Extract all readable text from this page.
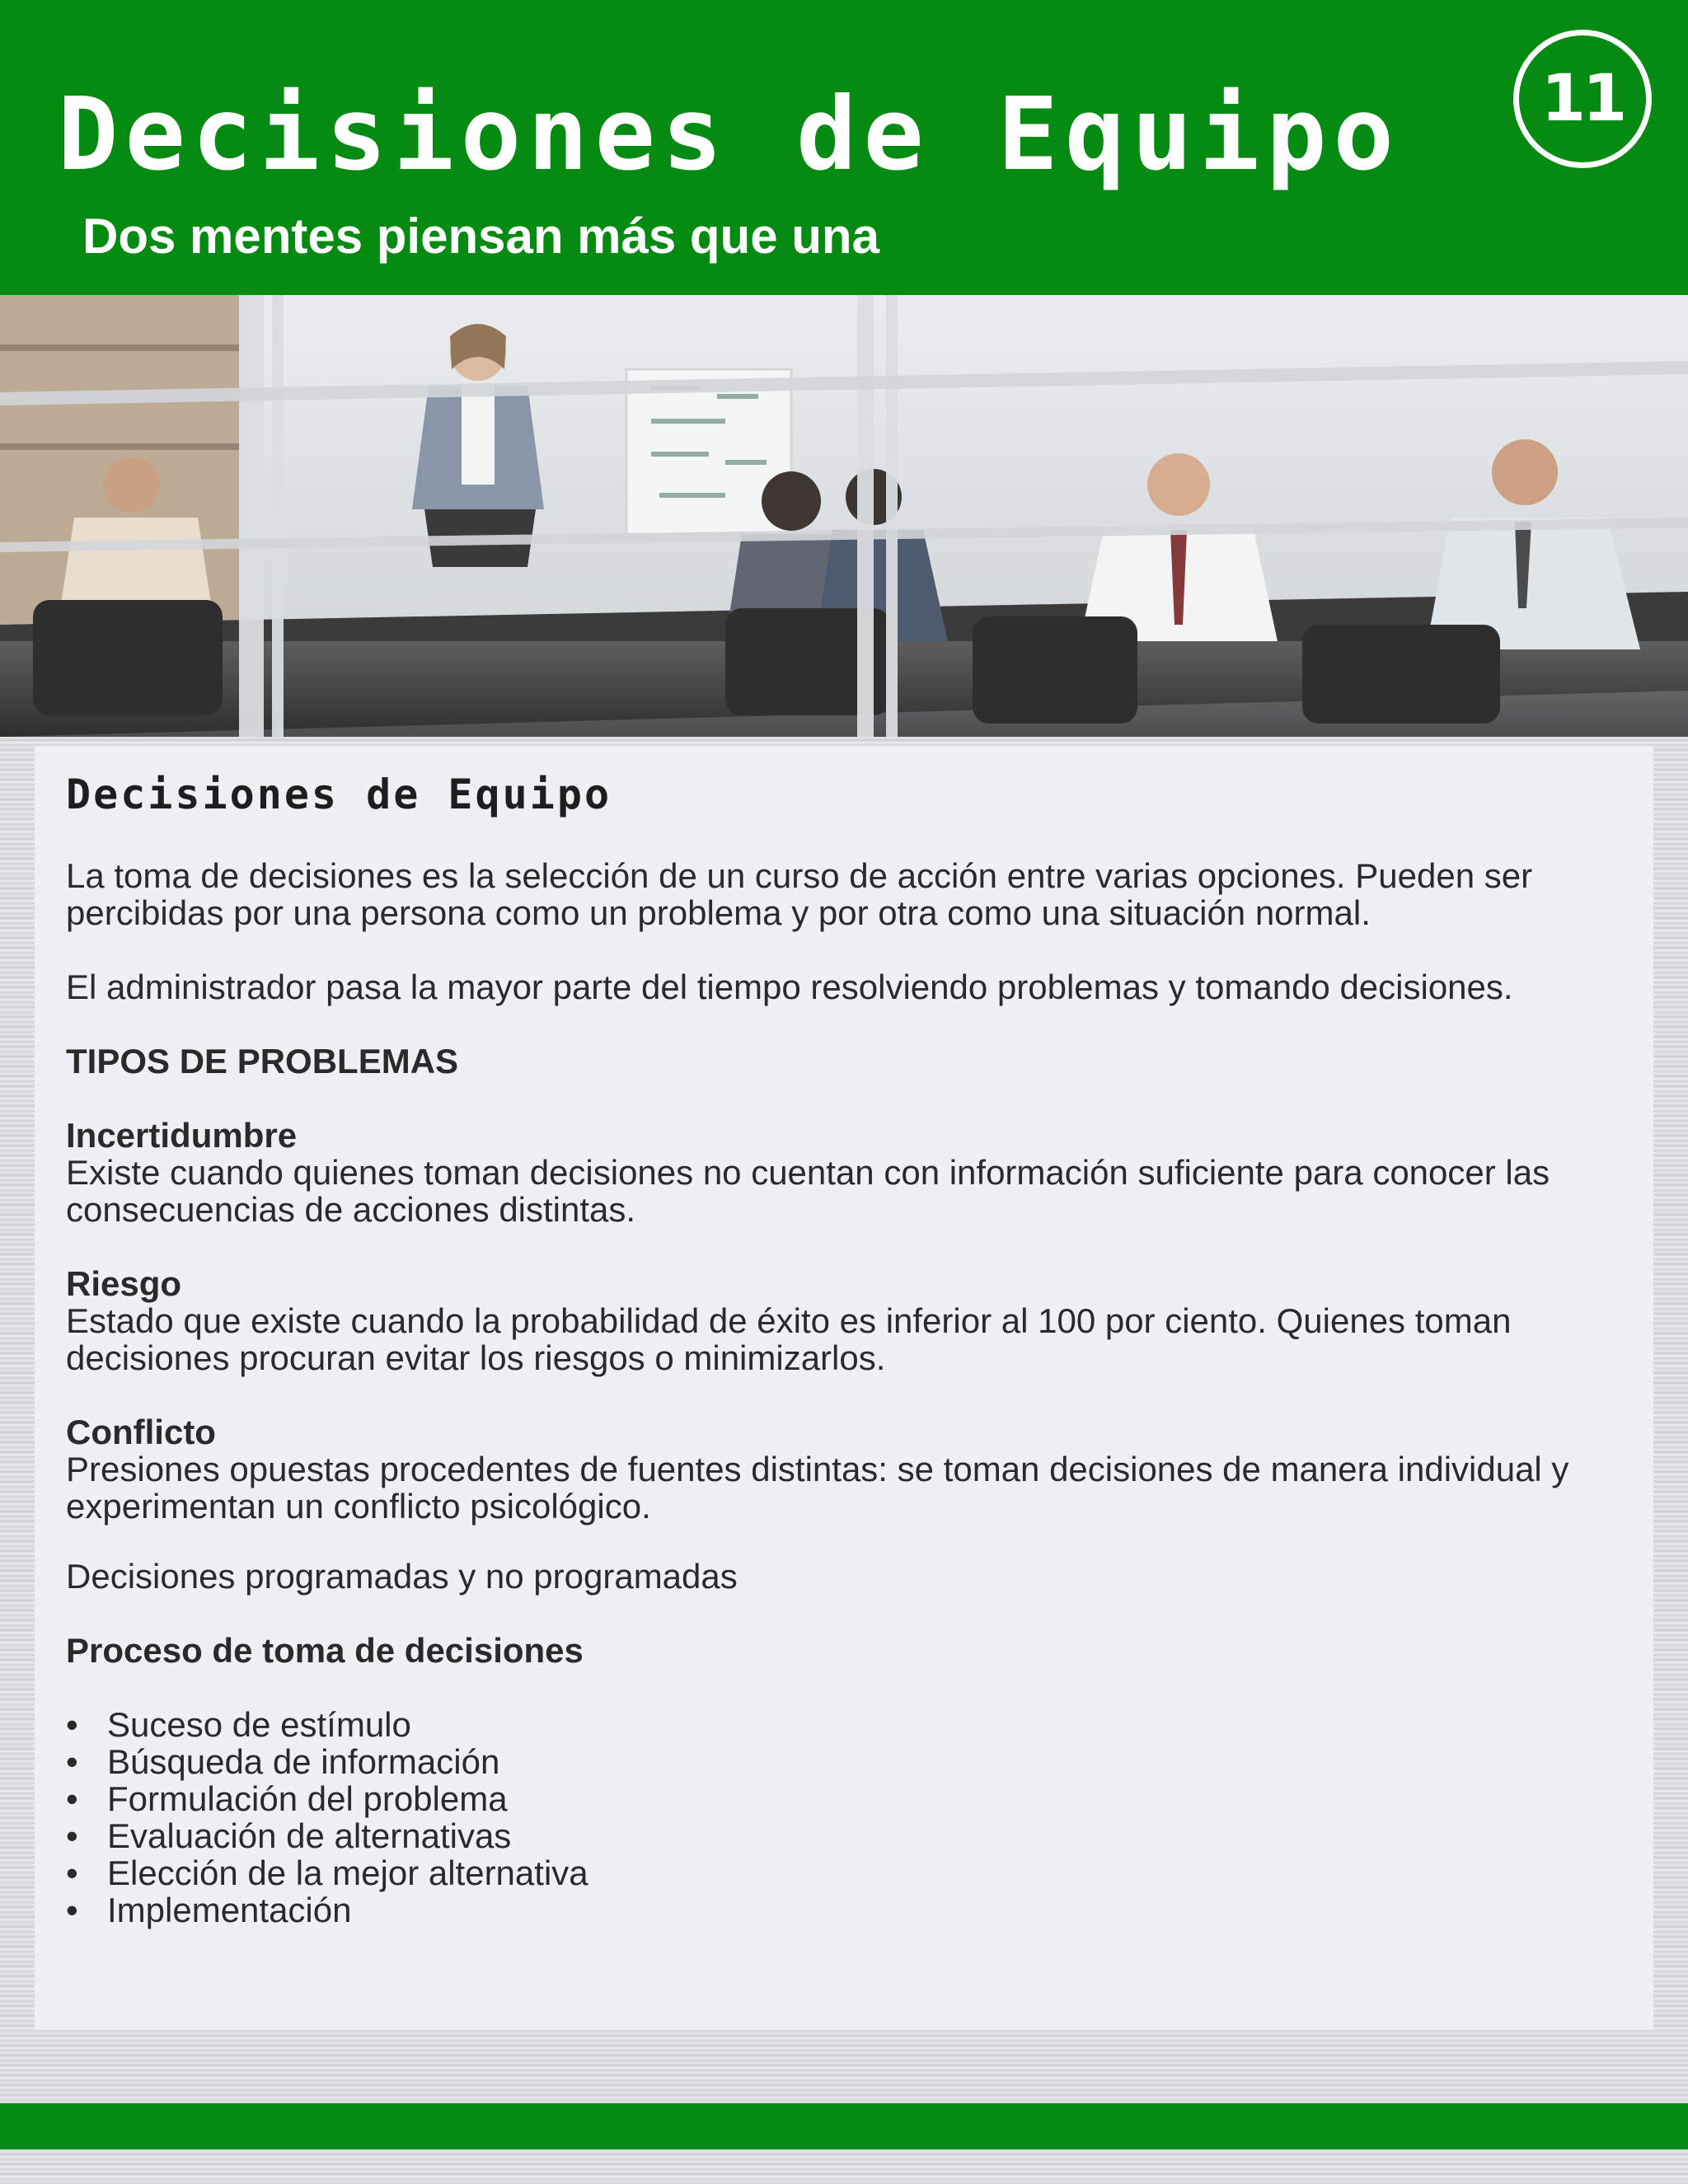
Decisiones de Equipo
Dos mentes piensan más que una
11
Decisiones de Equipo

La toma de decisiones es la selección de un curso de acción entre varias opciones. Pueden ser percibidas por una persona como un problema y por otra como una situación normal.

El administrador pasa la mayor parte del tiempo resolviendo problemas y tomando decisiones.

TIPOS DE PROBLEMAS

Incertidumbre

Existe cuando quienes toman decisiones no cuentan con información suficiente para conocer las consecuencias de acciones distintas.

Riesgo

Estado que existe cuando la probabilidad de éxito es inferior al 100 por ciento. Quienes toman decisiones procuran evitar los riesgos o minimizarlos.

Conflicto

Presiones opuestas procedentes de fuentes distintas: se toman decisiones de manera individual y experimentan un conflicto psicológico.

Decisiones programadas y no programadas

Proceso de toma de decisiones

• Suceso de estímulo
• Búsqueda de información
• Formulación del problema
• Evaluación de alternativas
• Elección de la mejor alternativa
• Implementación
